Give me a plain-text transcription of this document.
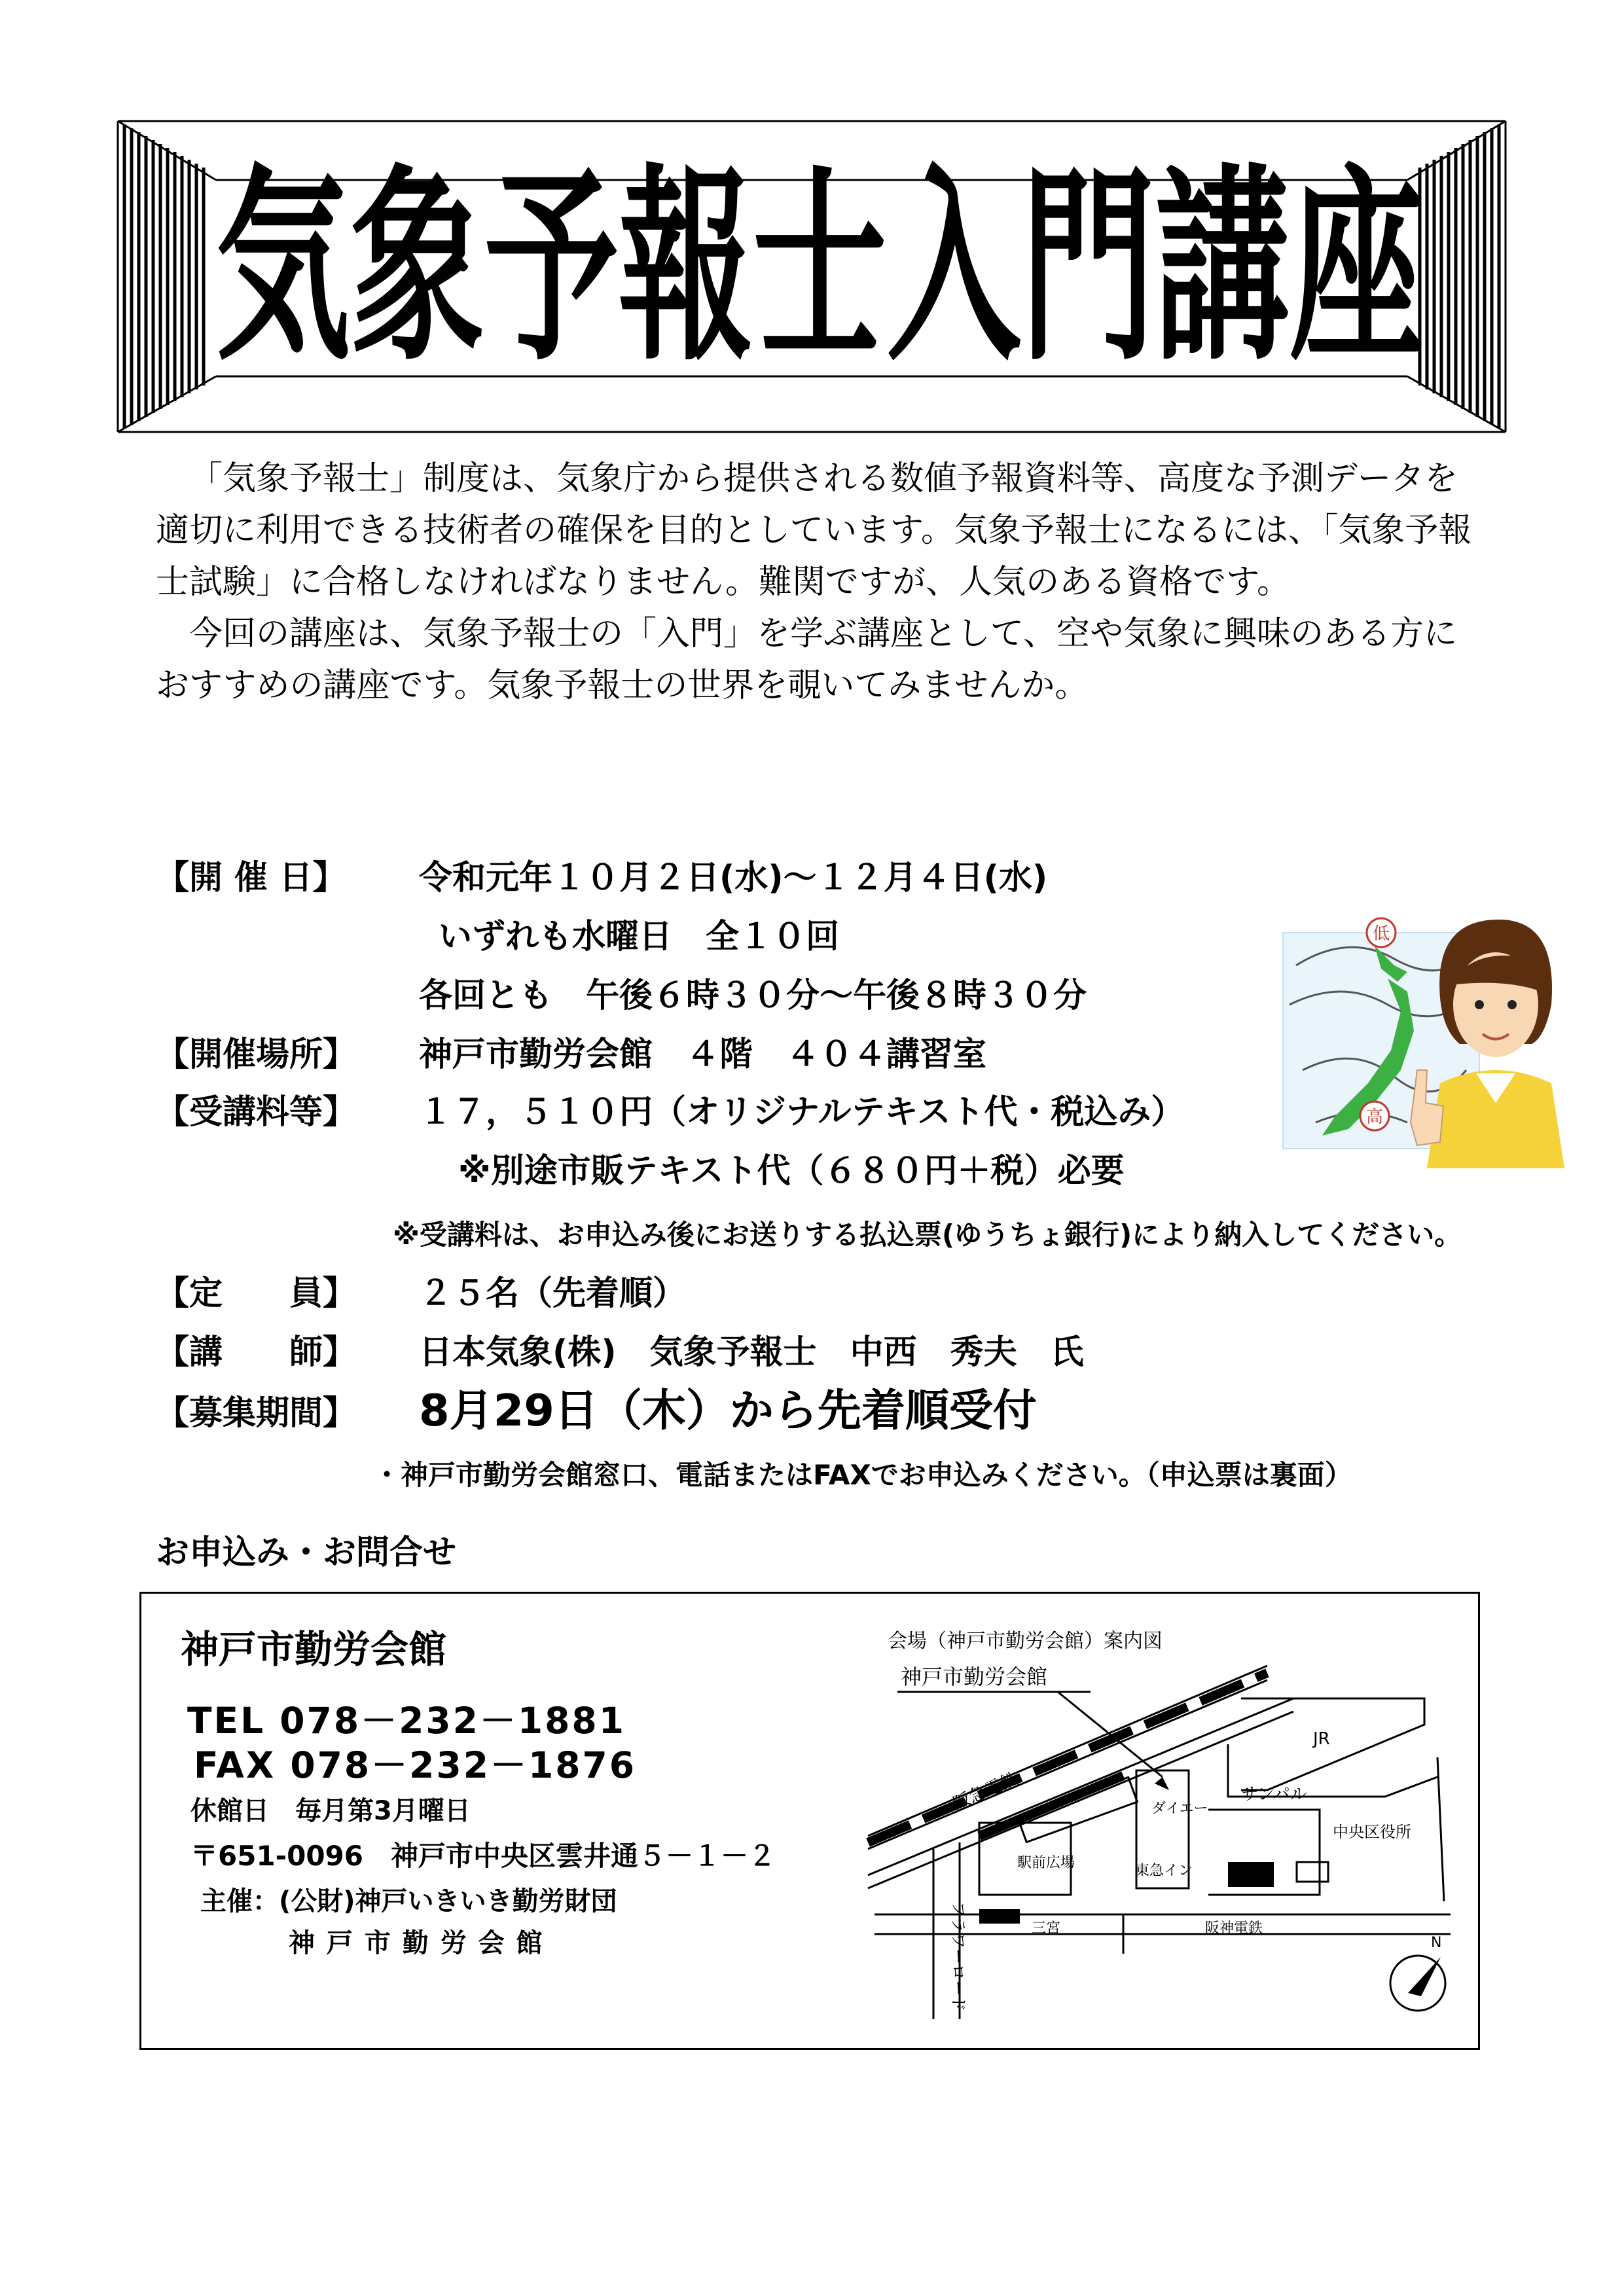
気象予報士入門講座

「気象予報士」制度は、気象庁から提供される数値予報資料等、高度な予測データを適切に利用できる技術者の確保を目的としています。気象予報士になるには、「気象予報士試験」に合格しなければなりません。難関ですが、人気のある資格です。

今回の講座は、気象予報士の「入門」を学ぶ講座として、空や気象に興味のある方におすすめの講座です。気象予報士の世界を覗いてみませんか。

【開 催 日】 令和元年１０月２日(水)～１２月４日(水)
いずれも水曜日　全１０回
各回とも　午後６時３０分～午後８時３０分
【開催場所】 神戸市勤労会館　４階　４０４講習室
【受講料等】 １７，５１０円（オリジナルテキスト代・税込み）
※別途市販テキスト代（６８０円＋税）必要
※受講料は、お申込み後にお送りする払込票(ゆうちょ銀行)により納入してください。
【定　　員】 ２５名（先着順）
【講　　師】 日本気象(株)　気象予報士　中西　秀夫　氏
【募集期間】 8月29日（木）から先着順受付
・神戸市勤労会館窓口、電話またはFAXでお申込みください。（申込票は裏面）
低
高
お申込み・お問合せ
神戸市勤労会館
TEL 078－232－1881
FAX 078－232－1876
休館日　毎月第3月曜日
〒651-0096　神戸市中央区雲井通５－１－２
主催：(公財)神戸いきいき勤労財団
神 戸 市 勤 労 会 館
会場（神戸市勤労会館）案内図
神戸市勤労会館
阪急電鉄
JR
ダイエー
サンパル
中央区役所
駅前広場	東急イン
三宮	阪神電鉄
フラワーロード	N
